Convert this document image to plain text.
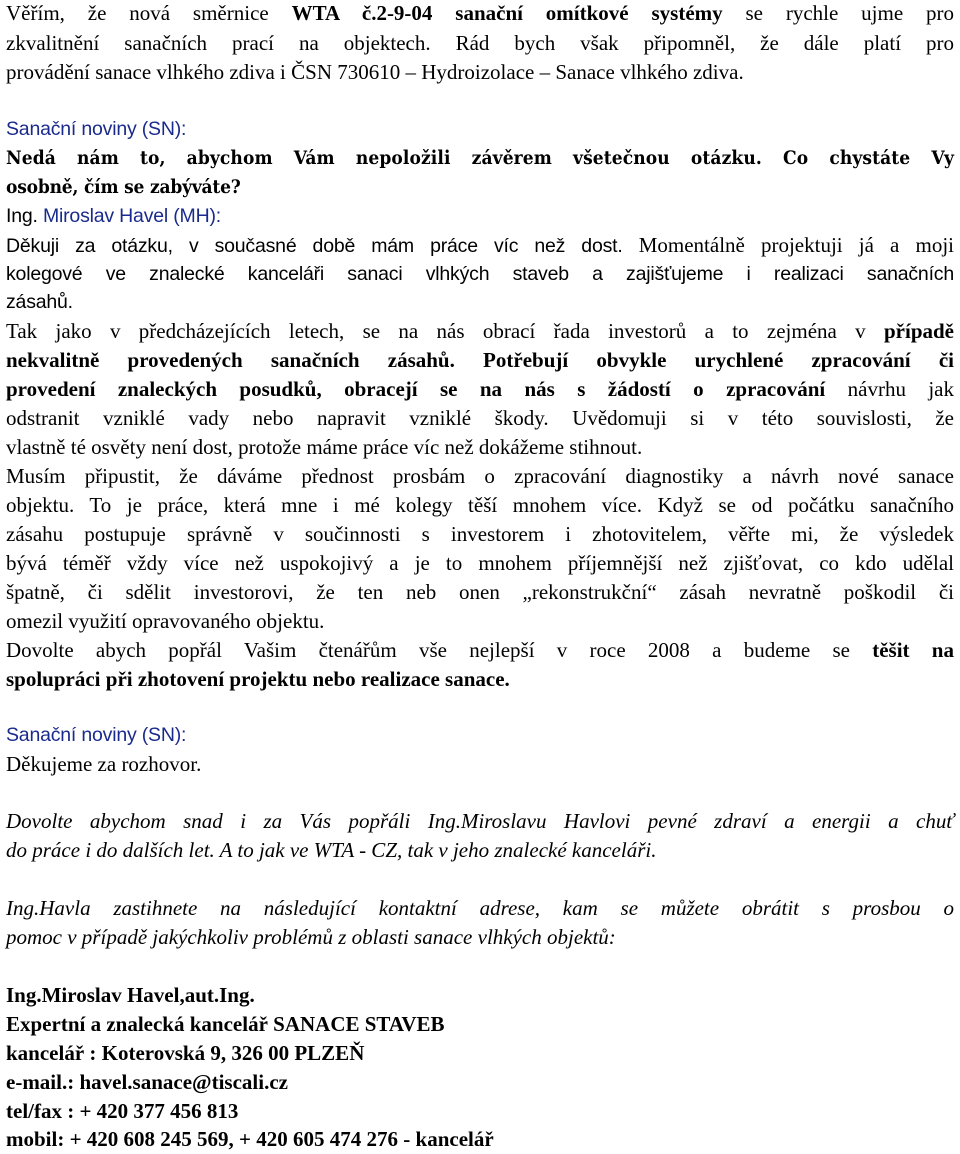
Věřím, že nová směrnice WTA č.2-9-04 sanační omítkové systémy se rychle ujme pro
zkvalitnění sanačních prací na objektech. Rád bych však připomněl, že dále platí pro
provádění sanace vlhkého zdiva i ČSN 730610 – Hydroizolace – Sanace vlhkého zdiva.
Sanační noviny (SN):
Nedá nám to, abychom Vám nepoložili závěrem všetečnou otázku. Co chystáte Vy
osobně, čím se zabýváte?
Ing. Miroslav Havel (MH):
Děkuji za otázku, v současné době mám práce víc než dost. Momentálně projektuji já a moji
kolegové ve znalecké kanceláři sanaci vlhkých staveb a zajišťujeme i realizaci sanačních
zásahů.
Tak jako v předcházejících letech, se na nás obrací řada investorů a to zejména v případě
nekvalitně provedených sanačních zásahů. Potřebují obvykle urychlené zpracování či
provedení znaleckých posudků, obracejí se na nás s žádostí o zpracování návrhu jak
odstranit vzniklé vady nebo napravit vzniklé škody. Uvědomuji si v této souvislosti, že
vlastně té osvěty není dost, protože máme práce víc než dokážeme stihnout.
Musím připustit, že dáváme přednost prosbám o zpracování diagnostiky a návrh nové sanace
objektu. To je práce, která mne i mé kolegy těší mnohem více. Když se od počátku sanačního
zásahu postupuje správně v součinnosti s investorem i zhotovitelem, věřte mi, že výsledek
bývá téměř vždy více než uspokojivý a je to mnohem příjemnější než zjišťovat, co kdo udělal
špatně, či sdělit investorovi, že ten neb onen „rekonstrukční“ zásah nevratně poškodil či
omezil využití opravovaného objektu.
Dovolte abych popřál Vašim čtenářům vše nejlepší v roce 2008 a budeme se těšit na
spolupráci při zhotovení projektu nebo realizace sanace.
Sanační noviny (SN):
Děkujeme za rozhovor.
Dovolte abychom snad i za Vás popřáli Ing.Miroslavu Havlovi pevné zdraví a energii a chuť
do práce i do dalších let. A to jak ve WTA - CZ, tak v jeho znalecké kanceláři.
Ing.Havla zastihnete na následující kontaktní adrese, kam se můžete obrátit s prosbou o
pomoc v případě jakýchkoliv problémů z oblasti sanace vlhkých objektů:
Ing.Miroslav Havel,aut.Ing.
Expertní a znalecká kancelář SANACE STAVEB
kancelář : Koterovská 9, 326 00 PLZEŇ
e-mail.: havel.sanace@tiscali.cz
tel/fax : + 420 377 456 813
mobil: + 420 608 245 569, + 420 605 474 276 - kancelář
